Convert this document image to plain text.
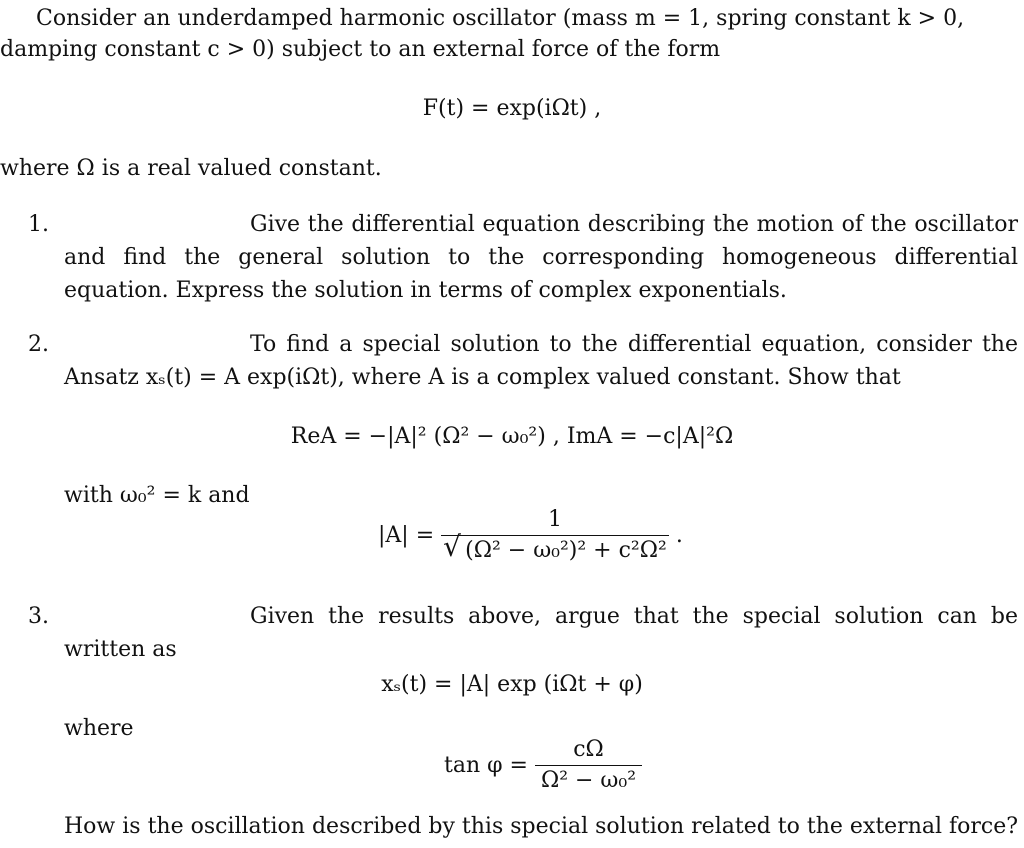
Consider an underdamped harmonic oscillator (mass m = 1, spring constant k > 0,
damping constant c > 0) subject to an external force of the form
F(t) = exp(iΩt) ,
where Ω is a real valued constant.
1.	Give the differential equation describing the motion of the oscillator and find the general solution to the corresponding homogeneous differential equation. Express the solution in terms of complex exponentials.
2.	To find a special solution to the differential equation, consider the Ansatz xₛ(t) = A exp(iΩt), where A is a complex valued constant. Show that
ReA = −|A|² (Ω² − ω₀²) , ImA = −c|A|²Ω
with ω₀² = k and
$|A| = \frac{1}{\text{√ (Ω² − ω₀²)² + c²Ω²}}$ .
3.	Given the results above, argue that the special solution can be written as
xₛ(t) = |A| exp (iΩt + φ)
where
$\tan \varphi = \frac{c\Omega}{\text{Ω² − ω₀²}}$
How is the oscillation described by this special solution related to the external force?
